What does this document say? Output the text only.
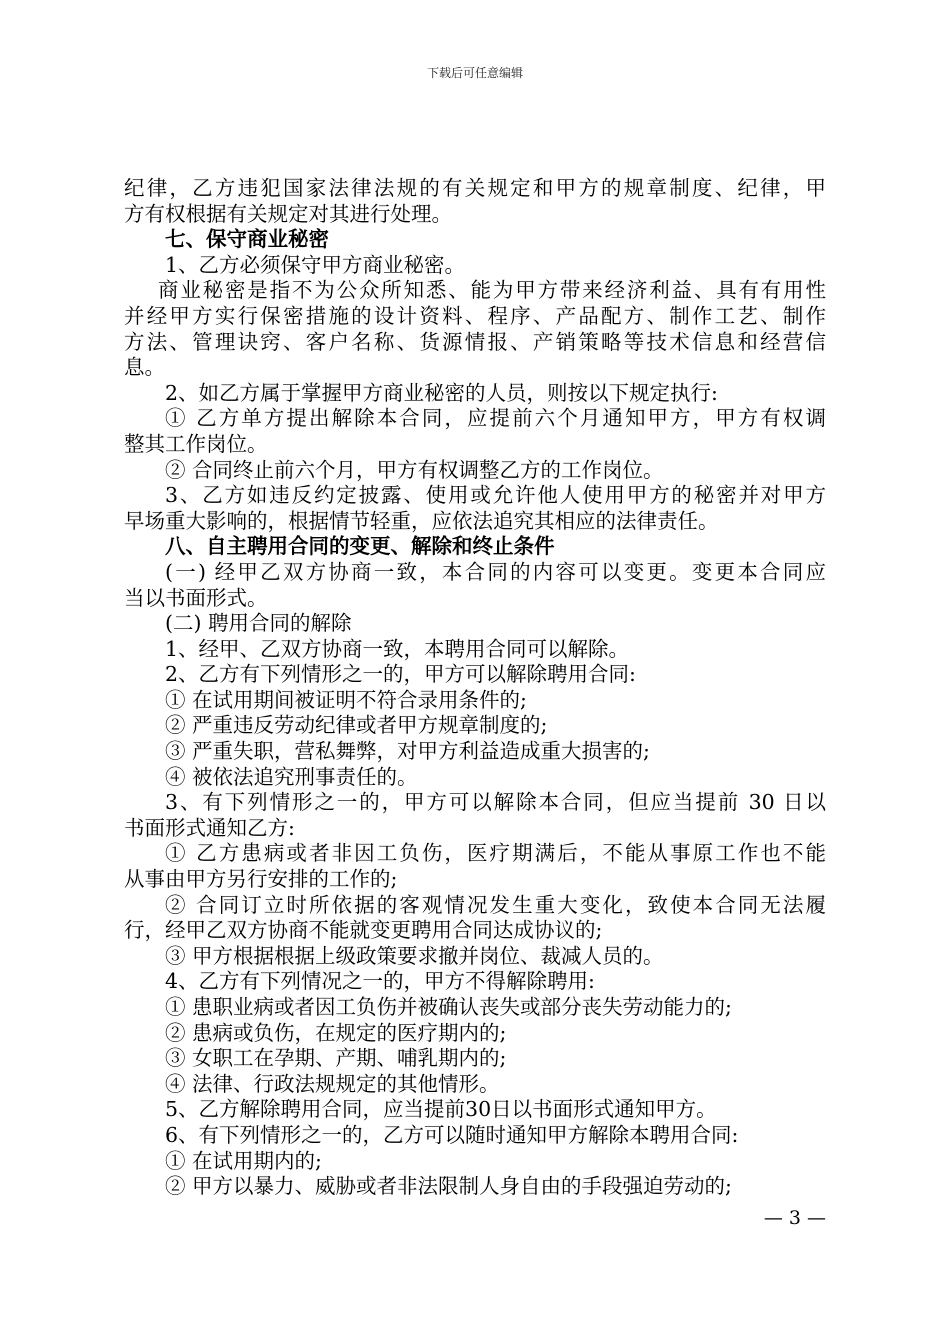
下载后可任意编辑

纪律，乙方违犯国家法律法规的有关规定和甲方的规章制度、纪律，甲

方有权根据有关规定对其进行处理。

七、保守商业秘密

1、乙方必须保守甲方商业秘密。

商业秘密是指不为公众所知悉、能为甲方带来经济利益、具有有用性

并经甲方实行保密措施的设计资料、程序、产品配方、制作工艺、制作

方法、管理诀窍、客户名称、货源情报、产销策略等技术信息和经营信

息。

2、如乙方属于掌握甲方商业秘密的人员，则按以下规定执行:

① 乙方单方提出解除本合同，应提前六个月通知甲方，甲方有权调

整其工作岗位。

② 合同终止前六个月，甲方有权调整乙方的工作岗位。

3、乙方如违反约定披露、使用或允许他人使用甲方的秘密并对甲方

早场重大影响的，根据情节轻重，应依法追究其相应的法律责任。

八、自主聘用合同的变更、解除和终止条件

(一) 经甲乙双方协商一致，本合同的内容可以变更。变更本合同应

当以书面形式。

(二) 聘用合同的解除

1、经甲、乙双方协商一致，本聘用合同可以解除。

2、乙方有下列情形之一的，甲方可以解除聘用合同:

① 在试用期间被证明不符合录用条件的;

② 严重违反劳动纪律或者甲方规章制度的;

③ 严重失职，营私舞弊，对甲方利益造成重大损害的;

④ 被依法追究刑事责任的。

3、有下列情形之一的，甲方可以解除本合同，但应当提前 30 日以

书面形式通知乙方:

① 乙方患病或者非因工负伤，医疗期满后，不能从事原工作也不能

从事由甲方另行安排的工作的;

② 合同订立时所依据的客观情况发生重大变化，致使本合同无法履

行，经甲乙双方协商不能就变更聘用合同达成协议的;

③ 甲方根据根据上级政策要求撤并岗位、裁减人员的。

4、乙方有下列情况之一的，甲方不得解除聘用:

① 患职业病或者因工负伤并被确认丧失或部分丧失劳动能力的;

② 患病或负伤，在规定的医疗期内的;

③ 女职工在孕期、产期、哺乳期内的;

④ 法律、行政法规规定的其他情形。

5、乙方解除聘用合同，应当提前30日以书面形式通知甲方。

6、有下列情形之一的，乙方可以随时通知甲方解除本聘用合同:

① 在试用期内的;

② 甲方以暴力、威胁或者非法限制人身自由的手段强迫劳动的;

— 3 —
